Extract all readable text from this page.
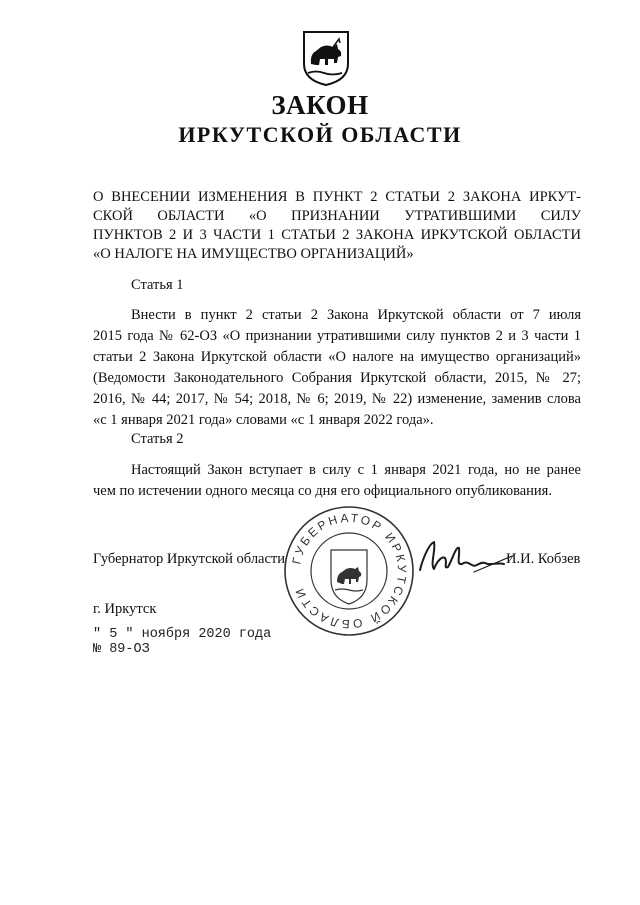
ЗАКОН
ИРКУТСКОЙ ОБЛАСТИ
О ВНЕСЕНИИ ИЗМЕНЕНИЯ В ПУНКТ 2 СТАТЬИ 2 ЗАКОНА ИРКУТ-
СКОЙ ОБЛАСТИ «О ПРИЗНАНИИ УТРАТИВШИМИ СИЛУ
ПУНКТОВ 2 И 3 ЧАСТИ 1 СТАТЬИ 2 ЗАКОНА ИРКУТСКОЙ ОБЛАСТИ
«О НАЛОГЕ НА ИМУЩЕСТВО ОРГАНИЗАЦИЙ»
Статья 1
Внести в пункт 2 статьи 2 Закона Иркутской области от 7 июля
2015 года № 62-ОЗ «О признании утратившими силу пунктов 2 и 3 части 1
статьи 2 Закона Иркутской области «О налоге на имущество организаций»
(Ведомости Законодательного Собрания Иркутской области, 2015, № 27;
2016, № 44; 2017, № 54; 2018, № 6; 2019, № 22) изменение, заменив слова
«с 1 января 2021 года» словами «с 1 января 2022 года».
Статья 2
Настоящий Закон вступает в силу с 1 января 2021 года, но не ранее
чем по истечении одного месяца со дня его официального опубликования.
ГУБЕРНАТОР ИРКУТСКОЙ ОБЛАСТИ
Губернатор Иркутской области	И.И. Кобзев
г. Иркутск
" 5 " ноября 2020 года
№ 89-ОЗ
